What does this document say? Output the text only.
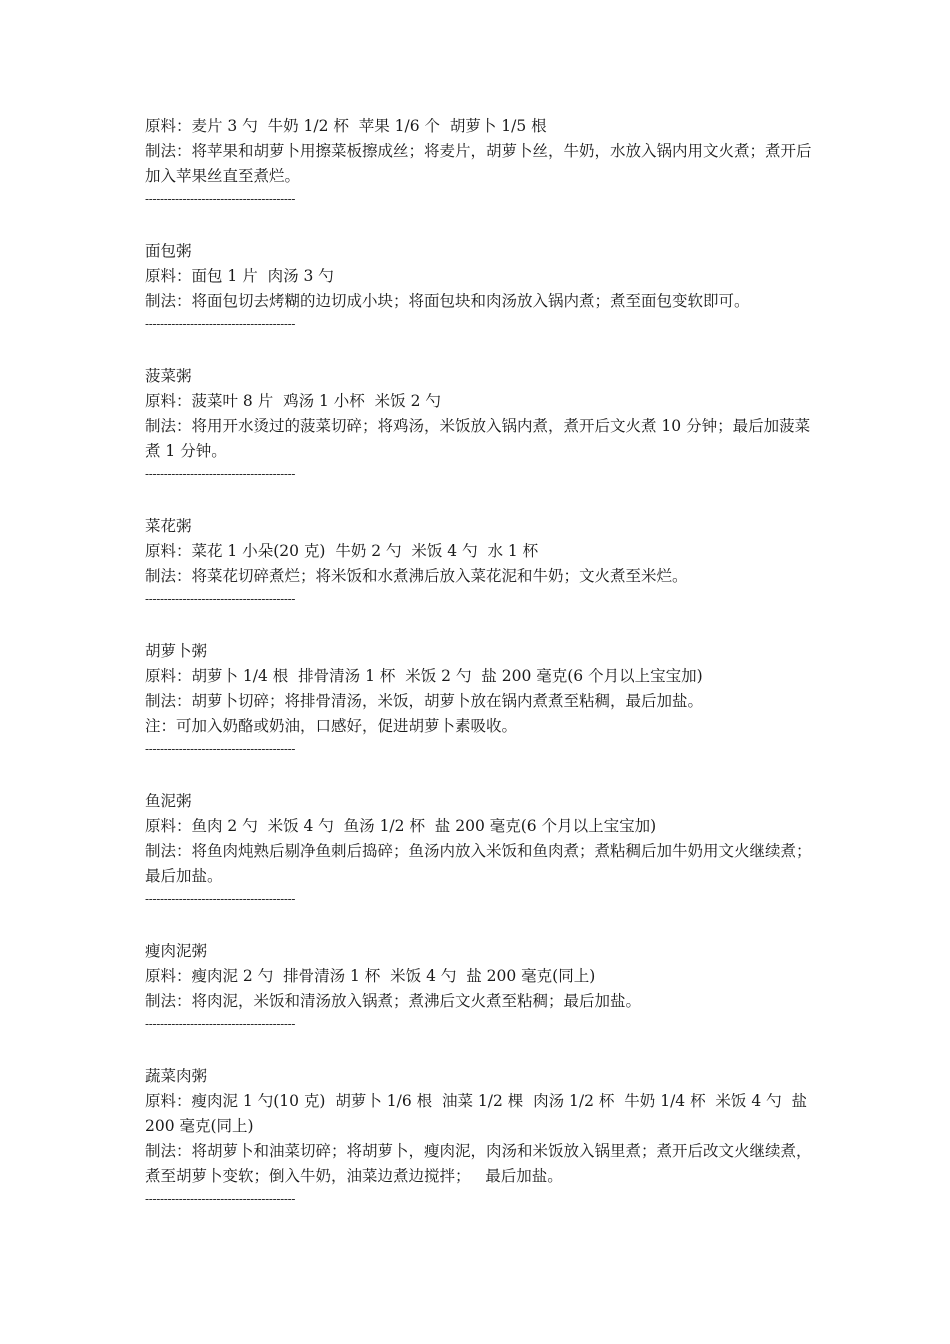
原料：麦片 3 勺  牛奶 1/2 杯  苹果 1/6 个  胡萝卜 1/5 根

制法：将苹果和胡萝卜用擦菜板擦成丝；将麦片，胡萝卜丝，牛奶，水放入锅内用文火煮；煮开后加入苹果丝直至煮烂。

----------------------------------------

面包粥

原料：面包 1 片  肉汤 3 勺

制法：将面包切去烤糊的边切成小块；将面包块和肉汤放入锅内煮；煮至面包变软即可。

----------------------------------------

菠菜粥

原料：菠菜叶 8 片  鸡汤 1 小杯  米饭 2 勺

制法：将用开水烫过的菠菜切碎；将鸡汤，米饭放入锅内煮，煮开后文火煮 10 分钟；最后加菠菜煮 1 分钟。

----------------------------------------

菜花粥

原料：菜花 1 小朵(20 克)  牛奶 2 勺  米饭 4 勺  水 1 杯

制法：将菜花切碎煮烂；将米饭和水煮沸后放入菜花泥和牛奶；文火煮至米烂。

----------------------------------------

胡萝卜粥

原料：胡萝卜 1/4 根  排骨清汤 1 杯  米饭 2 勺  盐 200 毫克(6 个月以上宝宝加)

制法：胡萝卜切碎；将排骨清汤，米饭，胡萝卜放在锅内煮煮至粘稠，最后加盐。

注：可加入奶酪或奶油，口感好，促进胡萝卜素吸收。

----------------------------------------

鱼泥粥

原料：鱼肉 2 勺  米饭 4 勺  鱼汤 1/2 杯  盐 200 毫克(6 个月以上宝宝加)

制法：将鱼肉炖熟后剔净鱼刺后捣碎；鱼汤内放入米饭和鱼肉煮；煮粘稠后加牛奶用文火继续煮；最后加盐。

----------------------------------------

瘦肉泥粥

原料：瘦肉泥 2 勺  排骨清汤 1 杯  米饭 4 勺  盐 200 毫克(同上)

制法：将肉泥，米饭和清汤放入锅煮；煮沸后文火煮至粘稠；最后加盐。

----------------------------------------

蔬菜肉粥

原料：瘦肉泥 1 勺(10 克)  胡萝卜 1/6 根  油菜 1/2 棵  肉汤 1/2 杯  牛奶 1/4 杯  米饭 4 勺  盐 200 毫克(同上)

制法：将胡萝卜和油菜切碎；将胡萝卜，瘦肉泥，肉汤和米饭放入锅里煮；煮开后改文火继续煮，煮至胡萝卜变软；倒入牛奶，油菜边煮边搅拌；   最后加盐。

----------------------------------------
